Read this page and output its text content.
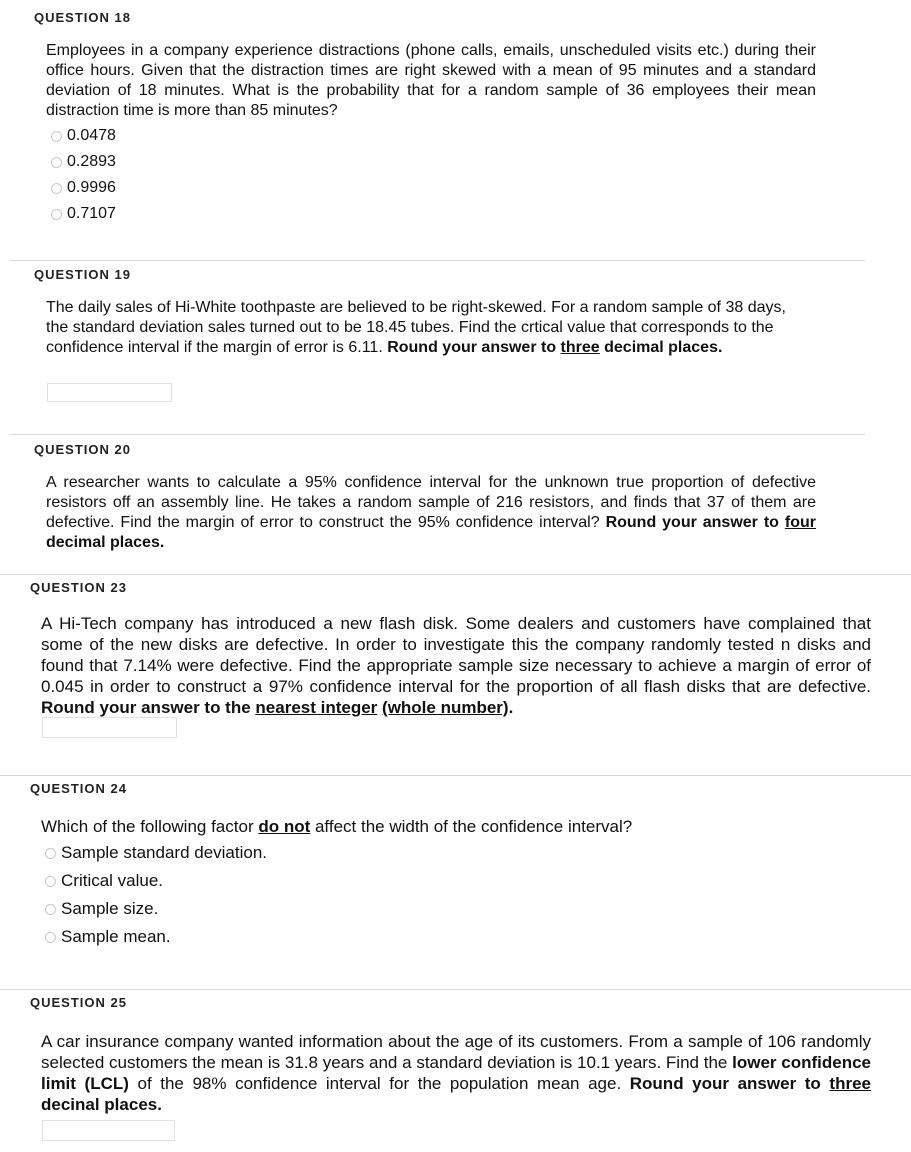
QUESTION 18
Employees in a company experience distractions (phone calls, emails, unscheduled visits etc.) during their office hours. Given that the distraction times are right skewed with a mean of 95 minutes and a standard deviation of 18 minutes. What is the probability that for a random sample of 36 employees their mean distraction time is more than 85 minutes?
0.0478
0.2893
0.9996
0.7107
QUESTION 19
The daily sales of Hi-White toothpaste are believed to be right-skewed. For a random sample of 38 days, the standard deviation sales turned out to be 18.45 tubes. Find the crtical value that corresponds to the confidence interval if the margin of error is 6.11. Round your answer to three decimal places.
QUESTION 20
A researcher wants to calculate a 95% confidence interval for the unknown true proportion of defective resistors off an assembly line. He takes a random sample of 216 resistors, and finds that 37 of them are defective. Find the margin of error to construct the 95% confidence interval? Round your answer to four decimal places.
QUESTION 23
A Hi-Tech company has introduced a new flash disk. Some dealers and customers have complained that some of the new disks are defective. In order to investigate this the company randomly tested n disks and found that 7.14% were defective. Find the appropriate sample size necessary to achieve a margin of error of 0.045 in order to construct a 97% confidence interval for the proportion of all flash disks that are defective. Round your answer to the nearest integer (whole number).
QUESTION 24
Which of the following factor do not affect the width of the confidence interval?
Sample standard deviation.
Critical value.
Sample size.
Sample mean.
QUESTION 25
A car insurance company wanted information about the age of its customers. From a sample of 106 randomly selected customers the mean is 31.8 years and a standard deviation is 10.1 years. Find the lower confidence limit (LCL) of the 98% confidence interval for the population mean age. Round your answer to three decinal places.
